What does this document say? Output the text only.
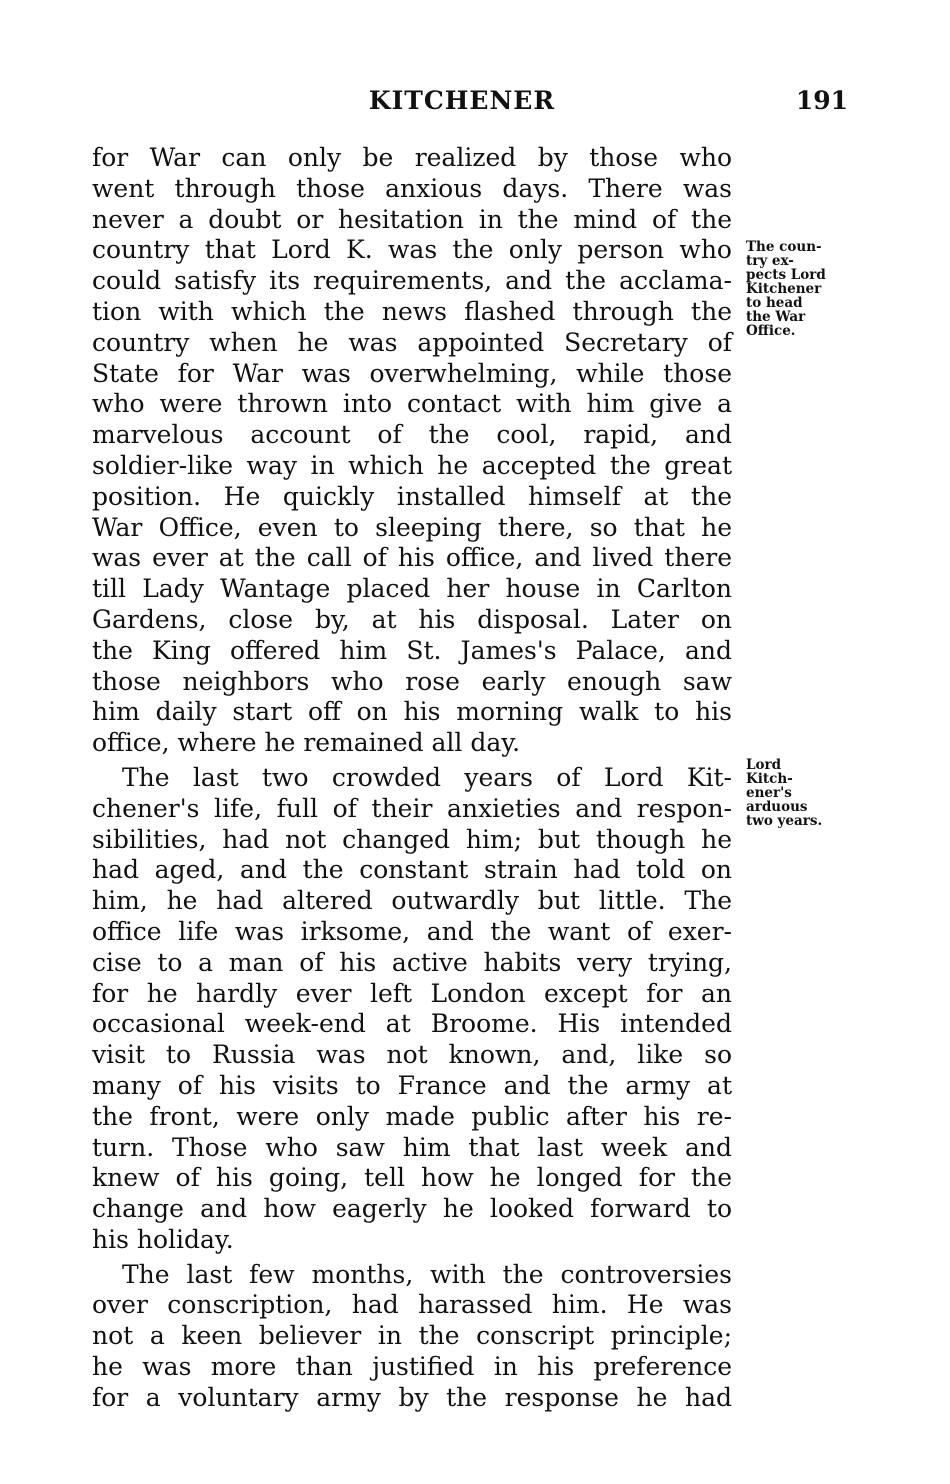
KITCHENER	191
for War can only be realized by those who
went through those anxious days. There was
never a doubt or hesitation in the mind of the
country that Lord K. was the only person who
could satisfy its requirements, and the acclama-
tion with which the news flashed through the
country when he was appointed Secretary of
State for War was overwhelming, while those
who were thrown into contact with him give a
marvelous account of the cool, rapid, and
soldier-like way in which he accepted the great
position. He quickly installed himself at the
War Office, even to sleeping there, so that he
was ever at the call of his office, and lived there
till Lady Wantage placed her house in Carlton
Gardens, close by, at his disposal. Later on
the King offered him St. James's Palace, and
those neighbors who rose early enough saw
him daily start off on his morning walk to his
office, where he remained all day.
The last two crowded years of Lord Kit-
chener's life, full of their anxieties and respon-
sibilities, had not changed him; but though he
had aged, and the constant strain had told on
him, he had altered outwardly but little. The
office life was irksome, and the want of exer-
cise to a man of his active habits very trying,
for he hardly ever left London except for an
occasional week-end at Broome. His intended
visit to Russia was not known, and, like so
many of his visits to France and the army at
the front, were only made public after his re-
turn. Those who saw him that last week and
knew of his going, tell how he longed for the
change and how eagerly he looked forward to
his holiday.
The last few months, with the controversies
over conscription, had harassed him. He was
not a keen believer in the conscript principle;
he was more than justified in his preference
for a voluntary army by the response he had
The coun-
try ex-
pects Lord
Kitchener
to head
the War
Office.
Lord
Kitch-
ener's
arduous
two years.
